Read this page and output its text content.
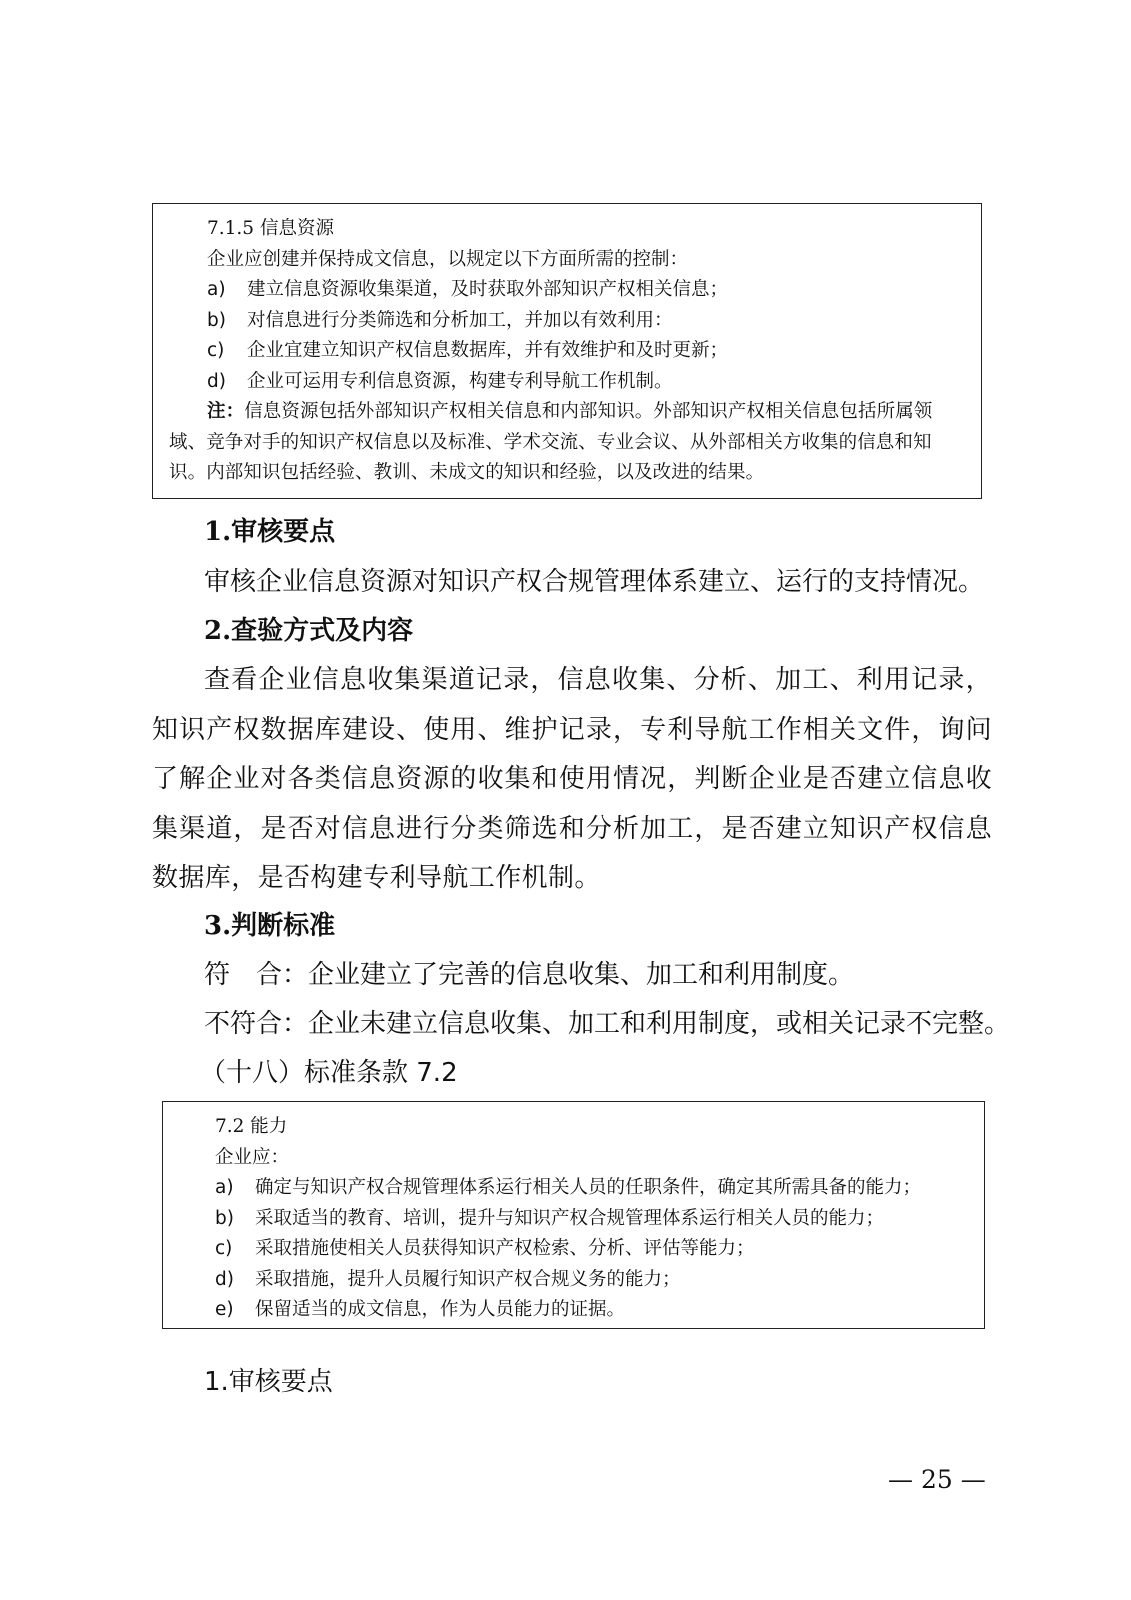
7.1.5 信息资源
企业应创建并保持成文信息，以规定以下方面所需的控制：
a)	建立信息资源收集渠道，及时获取外部知识产权相关信息；
b)	对信息进行分类筛选和分析加工，并加以有效利用：
c)	企业宜建立知识产权信息数据库，并有效维护和及时更新；
d)	企业可运用专利信息资源，构建专利导航工作机制。
注：信息资源包括外部知识产权相关信息和内部知识。外部知识产权相关信息包括所属领域、竞争对手的知识产权信息以及标准、学术交流、专业会议、从外部相关方收集的信息和知识。内部知识包括经验、教训、未成文的知识和经验，以及改进的结果。
1.审核要点
审核企业信息资源对知识产权合规管理体系建立、运行的支持情况。
2.查验方式及内容
查看企业信息收集渠道记录，信息收集、分析、加工、利用记录，知识产权数据库建设、使用、维护记录，专利导航工作相关文件，询问了解企业对各类信息资源的收集和使用情况，判断企业是否建立信息收集渠道，是否对信息进行分类筛选和分析加工，是否建立知识产权信息数据库，是否构建专利导航工作机制。
3.判断标准
符　合：企业建立了完善的信息收集、加工和利用制度。
不符合：企业未建立信息收集、加工和利用制度，或相关记录不完整。
（十八）标准条款 7.2
7.2 能力
企业应：
a)	确定与知识产权合规管理体系运行相关人员的任职条件，确定其所需具备的能力；
b)	采取适当的教育、培训，提升与知识产权合规管理体系运行相关人员的能力；
c)	采取措施使相关人员获得知识产权检索、分析、评估等能力；
d)	采取措施，提升人员履行知识产权合规义务的能力；
e)	保留适当的成文信息，作为人员能力的证据。
1.审核要点
— 25 —
